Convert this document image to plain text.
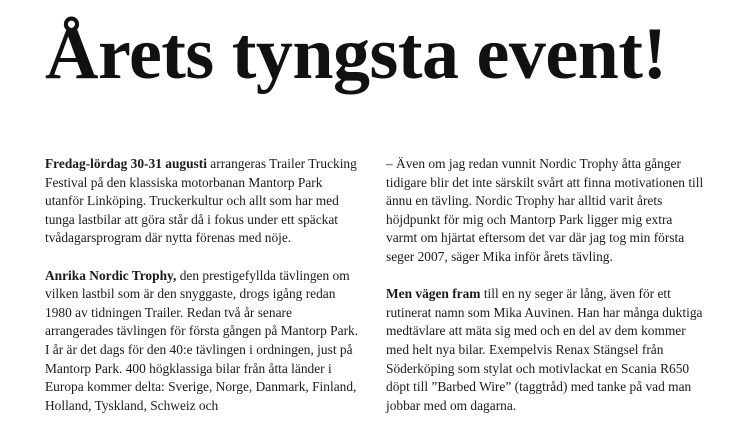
Årets tyngsta event!

Fredag-lördag 30-31 augusti arrangeras Trailer Trucking Festival på den klassiska motorbanan Mantorp Park utanför Linköping. Truckerkultur och allt som har med tunga lastbilar att göra står då i fokus under ett späckat tvådagarsprogram där nytta förenas med nöje.

Anrika Nordic Trophy, den prestigefyllda tävlingen om vilken lastbil som är den snyggaste, drogs igång redan 1980 av tidningen Trailer. Redan två år senare arrangerades tävlingen för första gången på Mantorp Park. I år är det dags för den 40:e tävlingen i ordningen, just på Mantorp Park. 400 högklassiga bilar från åtta länder i Europa kommer delta: Sverige, Norge, Danmark, Finland, Holland, Tyskland, Schweiz och

– Även om jag redan vunnit Nordic Trophy åtta gånger tidigare blir det inte särskilt svårt att finna motivationen till ännu en tävling. Nordic Trophy har alltid varit årets höjdpunkt för mig och Mantorp Park ligger mig extra varmt om hjärtat eftersom det var där jag tog min första seger 2007, säger Mika inför årets tävling.

Men vägen fram till en ny seger är lång, även för ett rutinerat namn som Mika Auvinen. Han har många duktiga medtävlare att mäta sig med och en del av dem kommer med helt nya bilar. Exempelvis Renax Stängsel från Söderköping som stylat och motivlackat en Scania R650 döpt till ”Barbed Wire” (taggtråd) med tanke på vad man jobbar med om dagarna.
